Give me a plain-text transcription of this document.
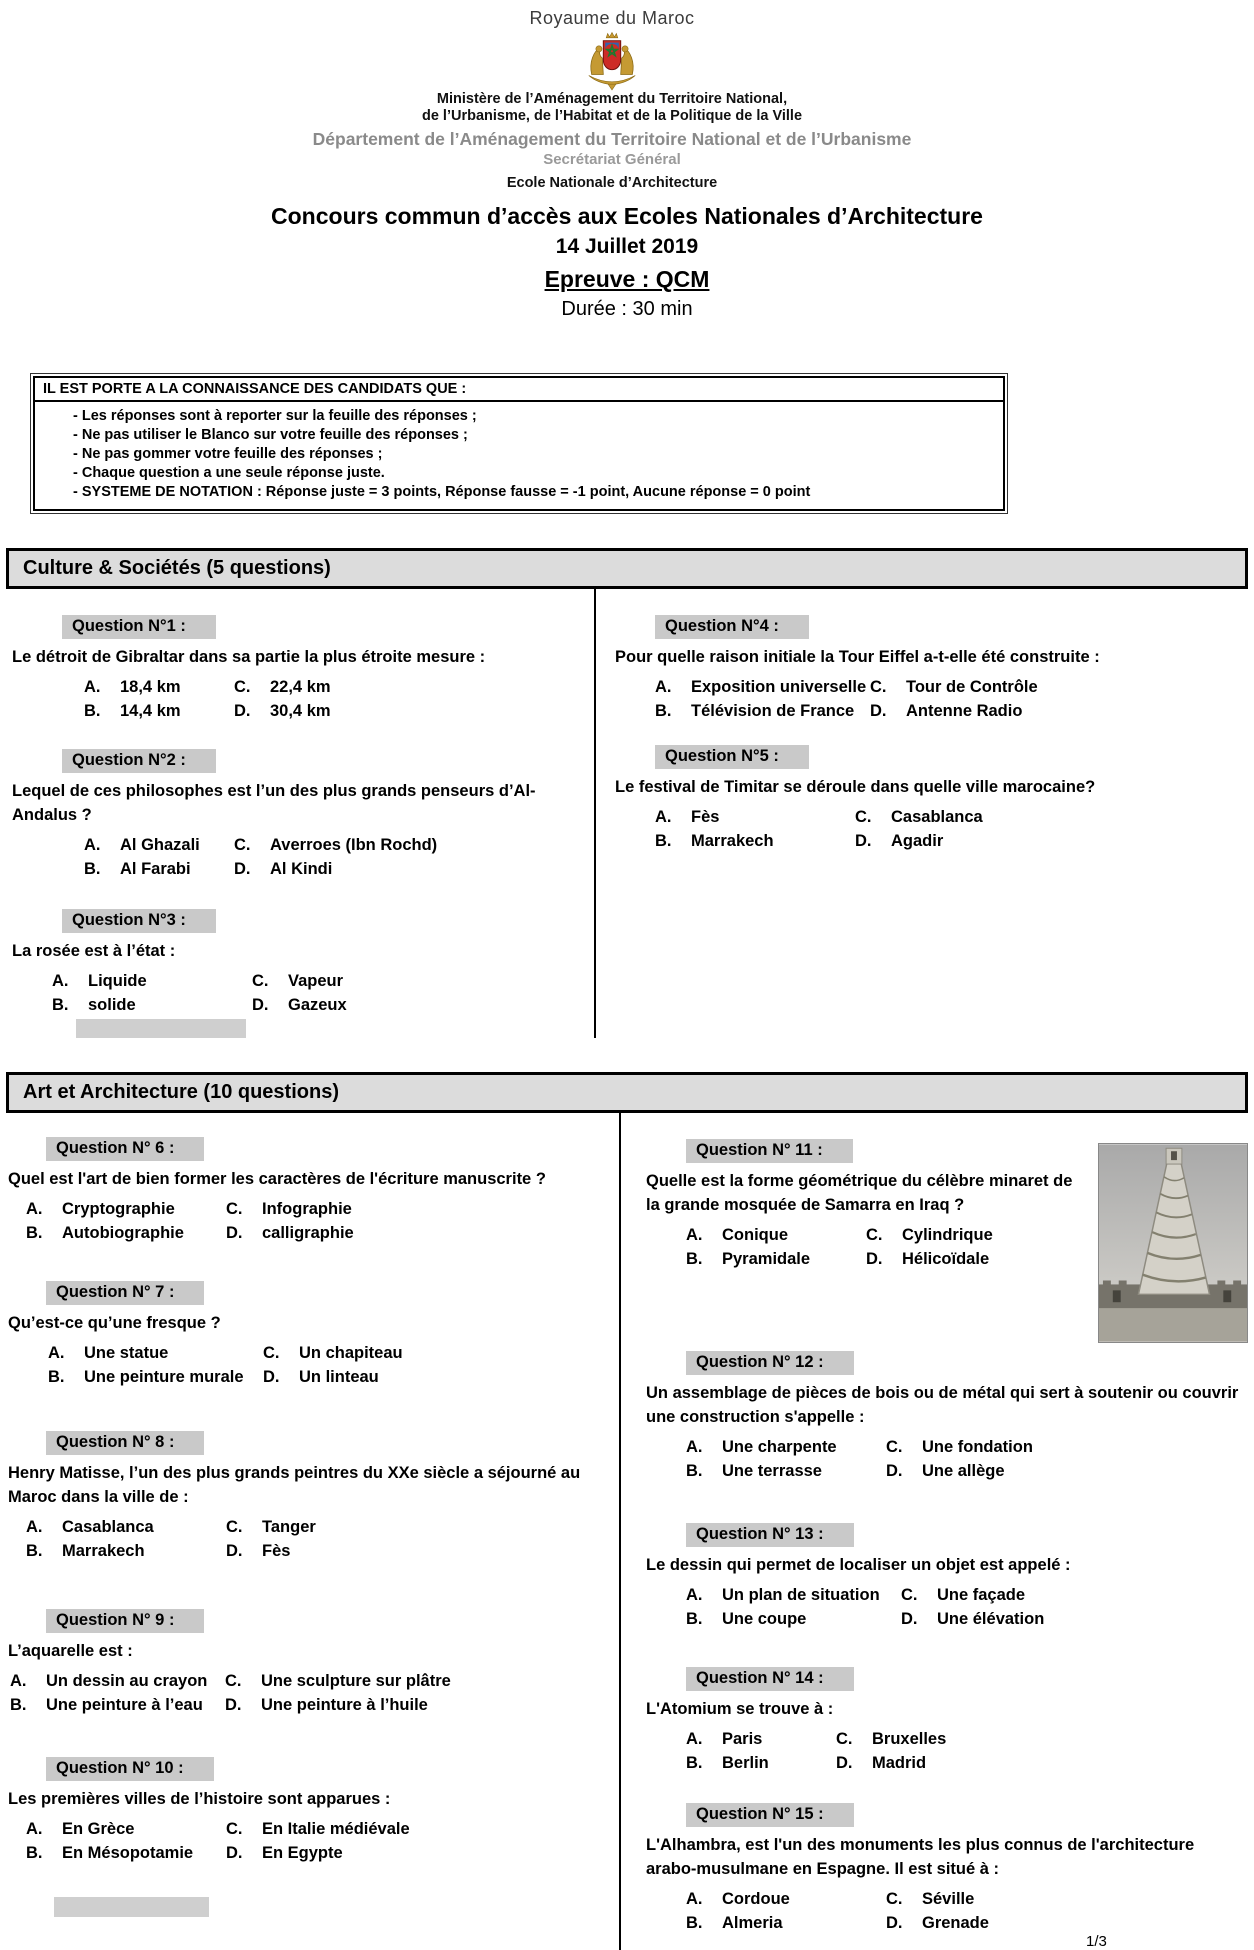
Royaume du Maroc
Ministère de l’Aménagement du Territoire National,
de l’Urbanisme, de l’Habitat et de la Politique de la Ville
Département de l’Aménagement du Territoire National et de l’Urbanisme
Secrétariat Général
Ecole Nationale d’Architecture
Concours commun d’accès aux Ecoles Nationales d’Architecture
14 Juillet 2019
Epreuve : QCM
Durée : 30 min
IL EST PORTE A LA CONNAISSANCE DES CANDIDATS QUE :
- Les réponses sont à reporter sur la feuille des réponses ;
- Ne pas utiliser le Blanco sur votre feuille des réponses ;
- Ne pas gommer votre feuille des réponses ;
- Chaque question a une seule réponse juste.
- SYSTEME DE NOTATION : Réponse juste = 3 points, Réponse fausse = -1 point, Aucune réponse = 0 point
Culture & Sociétés (5 questions)
Question N°1 :
Le détroit de Gibraltar dans sa partie la plus étroite mesure :
A. 18,4 km	C. 22,4 km
B. 14,4 km	D. 30,4 km
Question N°2 :
Lequel de ces philosophes est l’un des plus grands penseurs d’Al-Andalus ?
A. Al Ghazali	C. Averroes (Ibn Rochd)
B. Al Farabi	D. Al Kindi
Question N°3 :
La rosée est à l’état :
A. Liquide	C. Vapeur
B. solide	D. Gazeux
Question N°4 :
Pour quelle raison initiale la Tour Eiffel a-t-elle été construite :
A. Exposition universelle C. Tour de Contrôle
B. Télévision de France D. Antenne Radio
Question N°5 :
Le festival de Timitar se déroule dans quelle ville marocaine?
A. Fès	C. Casablanca
B. Marrakech	D. Agadir
Art et Architecture (10 questions)
Question N° 6 :
Quel est l'art de bien former les caractères de l'écriture manuscrite ?
A. Cryptographie	C. Infographie
B. Autobiographie	D. calligraphie
Question N° 7 :
Qu’est-ce qu’une fresque ?
A. Une statue	C. Un chapiteau
B. Une peinture murale	D. Un linteau
Question N° 8 :
Henry Matisse, l’un des plus grands peintres du XXe siècle a séjourné au Maroc dans la ville de :
A. Casablanca	C. Tanger
B. Marrakech	D. Fès
Question N° 9 :
L’aquarelle est :
A. Un dessin au crayon	C. Une sculpture sur plâtre
B. Une peinture à l’eau	D. Une peinture à l’huile
Question N° 10 :
Les premières villes de l’histoire sont apparues :
A. En Grèce	C. En Italie médiévale
B. En Mésopotamie	D. En Egypte
Question N° 11 :
Quelle est la forme géométrique du célèbre minaret de la grande mosquée de Samarra en Iraq ?
A. Conique	C. Cylindrique
B. Pyramidale	D. Hélicoïdale
Question N° 12 :
Un assemblage de pièces de bois ou de métal qui sert à soutenir ou couvrir une construction s'appelle :
A. Une charpente	C. Une fondation
B. Une terrasse	D. Une allège
Question N° 13 :
Le dessin qui permet de localiser un objet est appelé :
A. Un plan de situation	C. Une façade
B. Une coupe	D. Une élévation
Question N° 14 :
L'Atomium se trouve à :
A. Paris	C. Bruxelles
B. Berlin	D. Madrid
Question N° 15 :
L'Alhambra, est l'un des monuments les plus connus de l'architecture arabo-musulmane en Espagne. Il est situé à :
A. Cordoue	C. Séville
B. Almeria	D. Grenade
1/3
